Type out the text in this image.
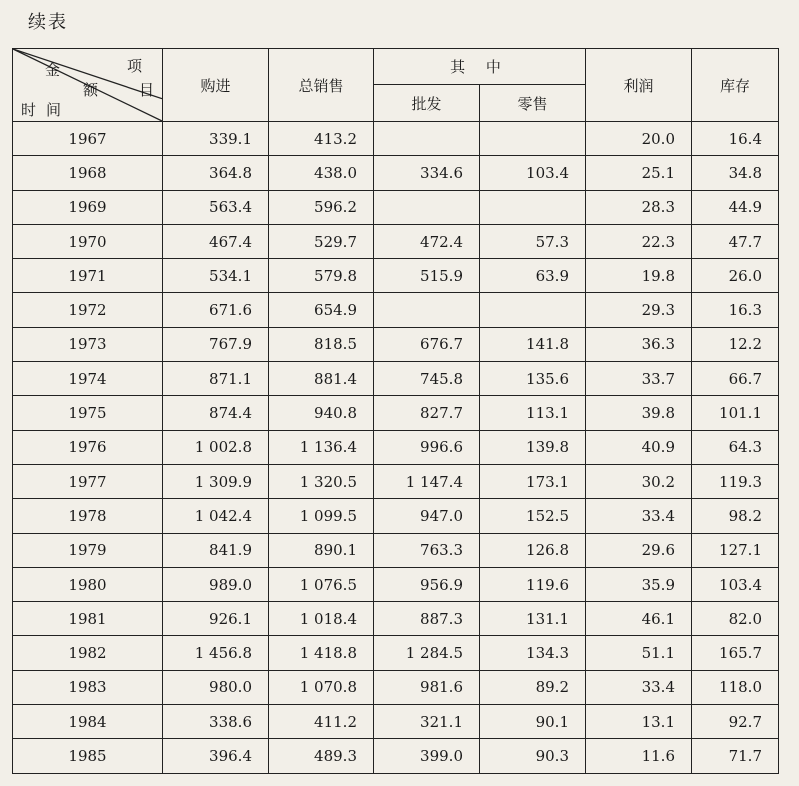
续表
金
额
项
目
时间	购进	总销售	其 中		利润	库存
			批发	零售		
1967	339.1	413.2			20.0	16.4
1968	364.8	438.0	334.6	103.4	25.1	34.8
1969	563.4	596.2			28.3	44.9
1970	467.4	529.7	472.4	57.3	22.3	47.7
1971	534.1	579.8	515.9	63.9	19.8	26.0
1972	671.6	654.9			29.3	16.3
1973	767.9	818.5	676.7	141.8	36.3	12.2
1974	871.1	881.4	745.8	135.6	33.7	66.7
1975	874.4	940.8	827.7	113.1	39.8	101.1
1976	1 002.8	1 136.4	996.6	139.8	40.9	64.3
1977	1 309.9	1 320.5	1 147.4	173.1	30.2	119.3
1978	1 042.4	1 099.5	947.0	152.5	33.4	98.2
1979	841.9	890.1	763.3	126.8	29.6	127.1
1980	989.0	1 076.5	956.9	119.6	35.9	103.4
1981	926.1	1 018.4	887.3	131.1	46.1	82.0
1982	1 456.8	1 418.8	1 284.5	134.3	51.1	165.7
1983	980.0	1 070.8	981.6	89.2	33.4	118.0
1984	338.6	411.2	321.1	90.1	13.1	92.7
1985	396.4	489.3	399.0	90.3	11.6	71.7
